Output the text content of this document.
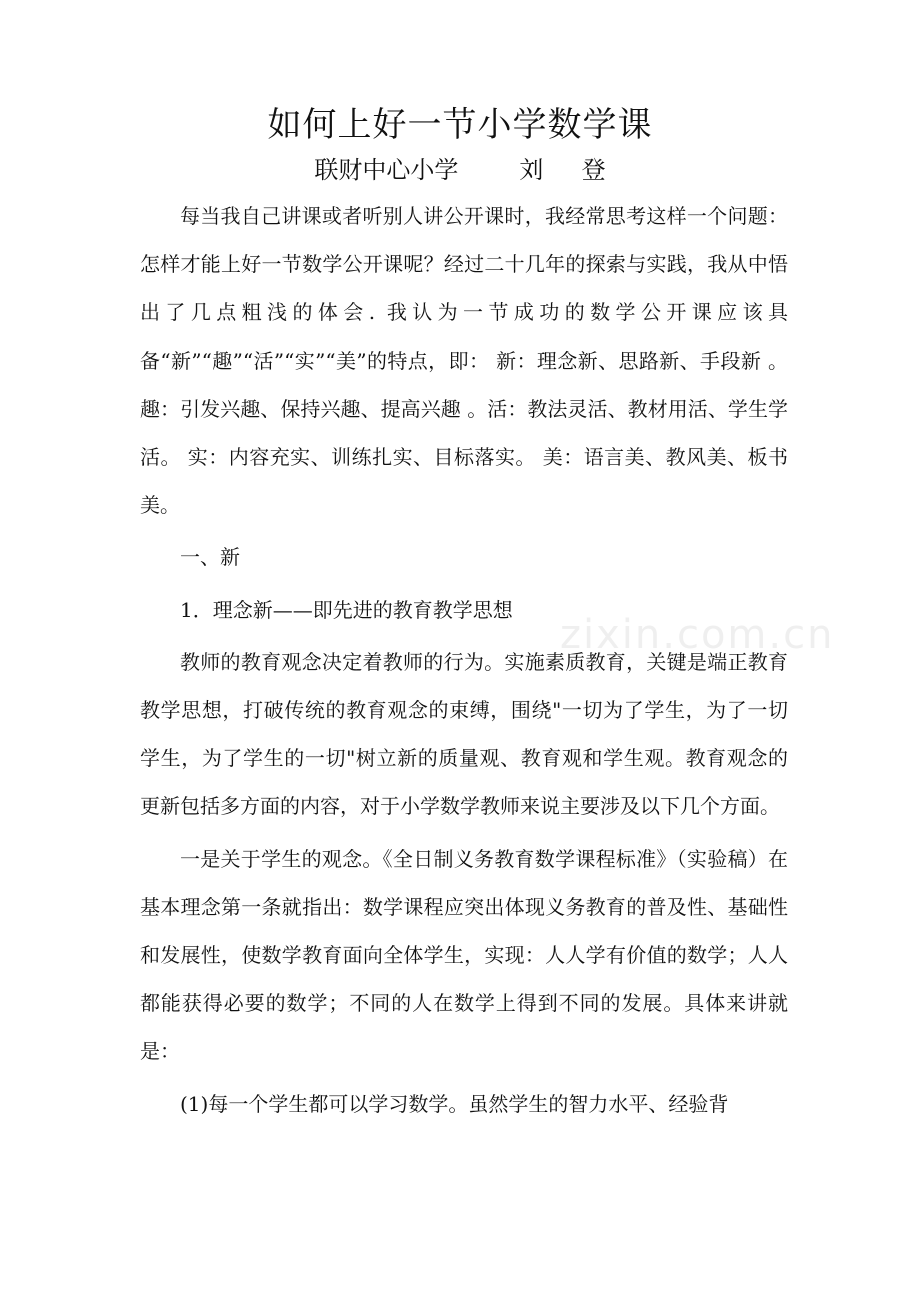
如何上好一节小学数学课
联财中心小学        刘     登

每当我自己讲课或者听别人讲公开课时，我经常思考这样一个问题：怎样才能上好一节数学公开课呢？经过二十几年的探索与实践，我从中悟出了几点粗浅的体会. 我认为一节成功的数学公开课应该具备“新”“趣”“活”“实”“美”的特点，即： 新：理念新、思路新、手段新 。趣：引发兴趣、保持兴趣、提高兴趣 。活：教法灵活、教材用活、学生学活。 实：内容充实、训练扎实、目标落实。 美：语言美、教风美、板书美。

一、新

1．理念新——即先进的教育教学思想

教师的教育观念决定着教师的行为。实施素质教育，关键是端正教育教学思想，打破传统的教育观念的束缚，围绕"一切为了学生，为了一切学生，为了学生的一切"树立新的质量观、教育观和学生观。教育观念的更新包括多方面的内容，对于小学数学教师来说主要涉及以下几个方面。

一是关于学生的观念。《全日制义务教育数学课程标准》（实验稿）在基本理念第一条就指出：数学课程应突出体现义务教育的普及性、基础性和发展性，使数学教育面向全体学生，实现：人人学有价值的数学；人人都能获得必要的数学；不同的人在数学上得到不同的发展。具体来讲就是：

(1)每一个学生都可以学习数学。虽然学生的智力水平、经验背

zixin.com.cn
